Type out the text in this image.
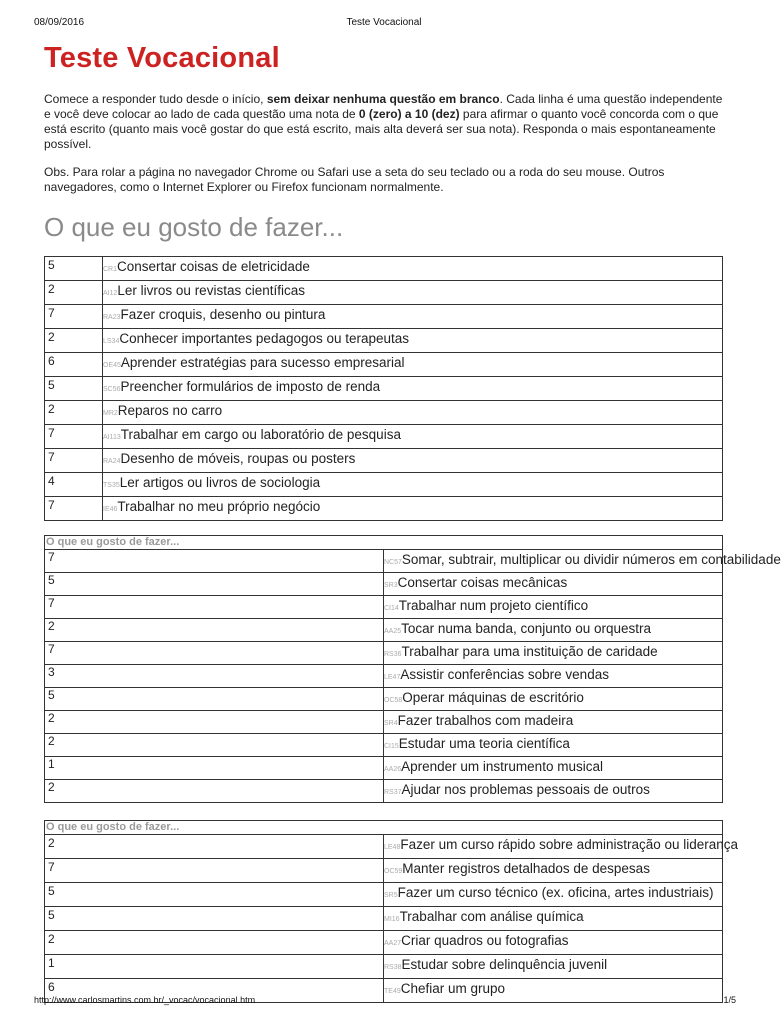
08/09/2016	Teste Vocacional
Teste Vocacional
Comece a responder tudo desde o início, sem deixar nenhuma questão em branco. Cada linha é uma questão independente e você deve colocar ao lado de cada questão uma nota de 0 (zero) a 10 (dez) para afirmar o quanto você concorda com o que está escrito (quanto mais você gostar do que está escrito, mais alta deverá ser sua nota). Responda o mais espontaneamente possível.
Obs. Para rolar a página no navegador Chrome ou Safari use a seta do seu teclado ou a roda do seu mouse. Outros navegadores, como o Internet Explorer ou Firefox funcionam normalmente.
O que eu gosto de fazer...
5	CR1Consertar coisas de eletricidade
2	AI12Ler livros ou revistas científicas
7	RA23Fazer croquis, desenho ou pintura
2	LS34Conhecer importantes pedagogos ou terapeutas
6	OE45Aprender estratégias para sucesso empresarial
5	SC56Preencher formulários de imposto de renda
2	MR2Reparos no carro
7	AI113Trabalhar em cargo ou laboratório de pesquisa
7	RA24Desenho de móveis, roupas ou posters
4	TS35Ler artigos ou livros de sociologia
7	IE46Trabalhar no meu próprio negócio
O que eu gosto de fazer...	
7	NC57Somar, subtrair, multiplicar ou dividir números em contabilidade
5	SR3Consertar coisas mecânicas
7	CI14Trabalhar num projeto científico
2	AA25Tocar numa banda, conjunto ou orquestra
7	RS36Trabalhar para uma instituição de caridade
3	LE47Assistir conferências sobre vendas
5	OC58Operar máquinas de escritório
2	SR4Fazer trabalhos com madeira
2	CI15Estudar uma teoria científica
1	AA26Aprender um instrumento musical
2	RS37Ajudar nos problemas pessoais de outros
O que eu gosto de fazer...	
2	LE48Fazer um curso rápido sobre administração ou liderança
7	OC59Manter registros detalhados de despesas
5	SR5Fazer um curso técnico (ex. oficina, artes industriais)
5	MI16Trabalhar com análise química
2	AA27Criar quadros ou fotografias
1	RS38Estudar sobre delinquência juvenil
6	TE49Chefiar um grupo
http://www.carlosmartins.com.br/_vocac/vocacional.htm	1/5
